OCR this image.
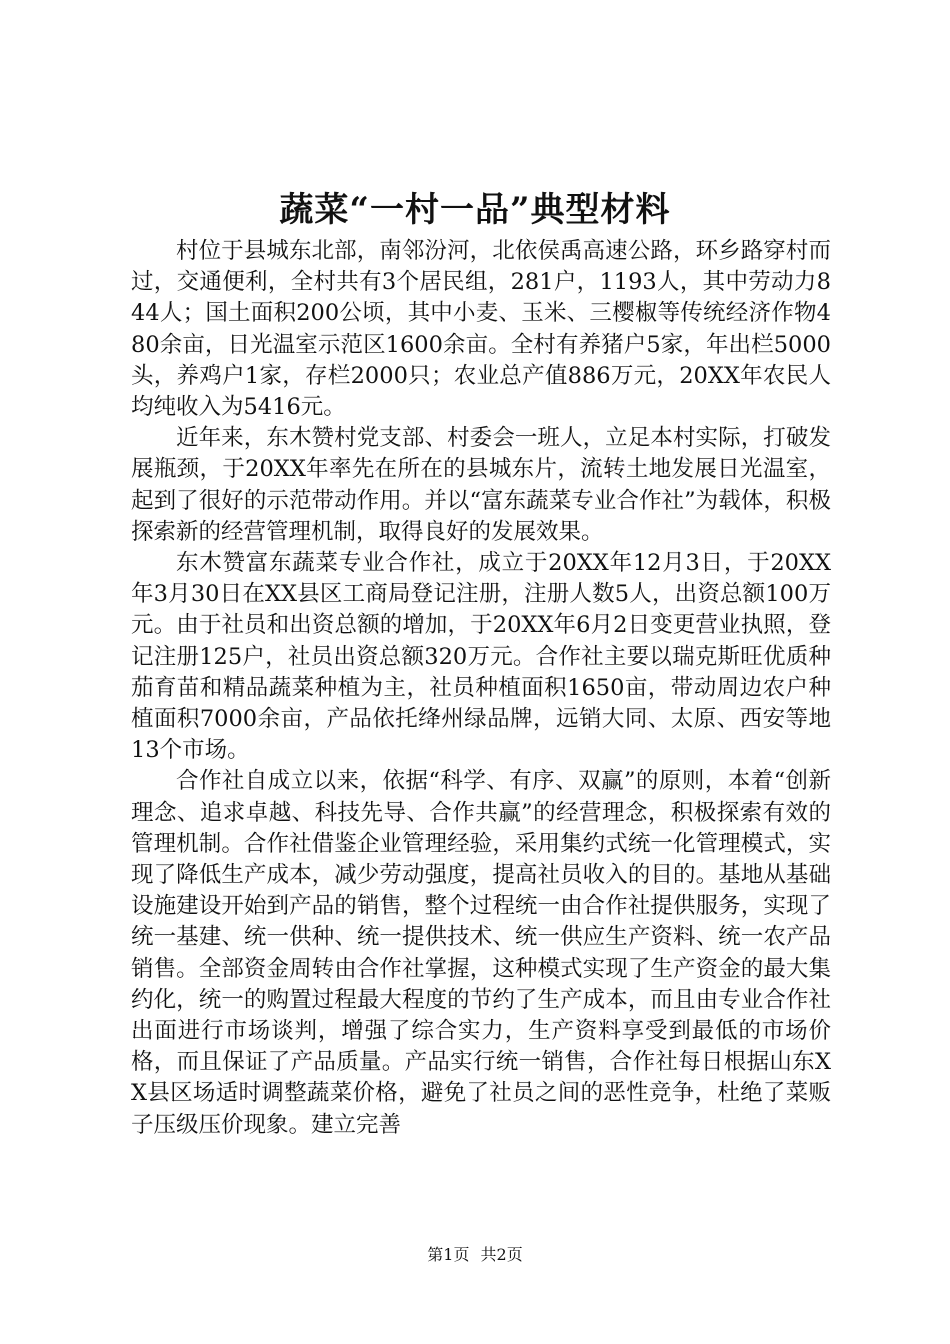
蔬菜“一村一品”典型材料

村位于县城东北部，南邻汾河，北依侯禹高速公路，环乡路穿村而过，交通便利，全村共有3个居民组，281户，1193人，其中劳动力844人；国土面积200公顷，其中小麦、玉米、三樱椒等传统经济作物480余亩，日光温室示范区1600余亩。全村有养猪户5家，年出栏5000头，养鸡户1家，存栏2000只；农业总产值886万元，20XX年农民人均纯收入为5416元。

近年来，东木赞村党支部、村委会一班人，立足本村实际，打破发展瓶颈，于20XX年率先在所在的县城东片，流转土地发展日光温室，起到了很好的示范带动作用。并以“富东蔬菜专业合作社”为载体，积极探索新的经营管理机制，取得良好的发展效果。

东木赞富东蔬菜专业合作社，成立于20XX年12月3日，于20XX年3月30日在XX县区工商局登记注册，注册人数5人，出资总额100万元。由于社员和出资总额的增加，于20XX年6月2日变更营业执照，登记注册125户，社员出资总额320万元。合作社主要以瑞克斯旺优质种茄育苗和精品蔬菜种植为主，社员种植面积1650亩，带动周边农户种植面积7000余亩，产品依托绛州绿品牌，远销大同、太原、西安等地13个市场。

合作社自成立以来，依据“科学、有序、双赢”的原则，本着“创新理念、追求卓越、科技先导、合作共赢”的经营理念，积极探索有效的管理机制。合作社借鉴企业管理经验，采用集约式统一化管理模式，实现了降低生产成本，减少劳动强度，提高社员收入的目的。基地从基础设施建设开始到产品的销售，整个过程统一由合作社提供服务，实现了统一基建、统一供种、统一提供技术、统一供应生产资料、统一农产品销售。全部资金周转由合作社掌握，这种模式实现了生产资金的最大集约化，统一的购置过程最大程度的节约了生产成本，而且由专业合作社出面进行市场谈判，增强了综合实力，生产资料享受到最低的市场价格，而且保证了产品质量。产品实行统一销售，合作社每日根据山东XX县区场适时调整蔬菜价格，避免了社员之间的恶性竞争，杜绝了菜贩子压级压价现象。建立完善

第1页 共2页
